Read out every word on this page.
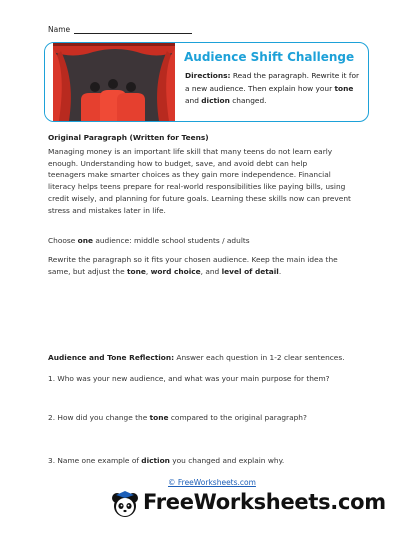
Name
Audience Shift Challenge
Directions: Read the paragraph. Rewrite it for a new audience. Then explain how your tone and diction changed.
Original Paragraph (Written for Teens)
Managing money is an important life skill that many teens do not learn early
enough. Understanding how to budget, save, and avoid debt can help
teenagers make smarter choices as they gain more independence. Financial
literacy helps teens prepare for real-world responsibilities like paying bills, using
credit wisely, and planning for future goals. Learning these skills now can prevent
stress and mistakes later in life.
Choose one audience: middle school students / adults
Rewrite the paragraph so it fits your chosen audience. Keep the main idea the
same, but adjust the tone, word choice, and level of detail.
Audience and Tone Reflection: Answer each question in 1-2 clear sentences.
1. Who was your new audience, and what was your main purpose for them?
2. How did you change the tone compared to the original paragraph?
3. Name one example of diction you changed and explain why.
© FreeWorksheets.com
FreeWorksheets.com
